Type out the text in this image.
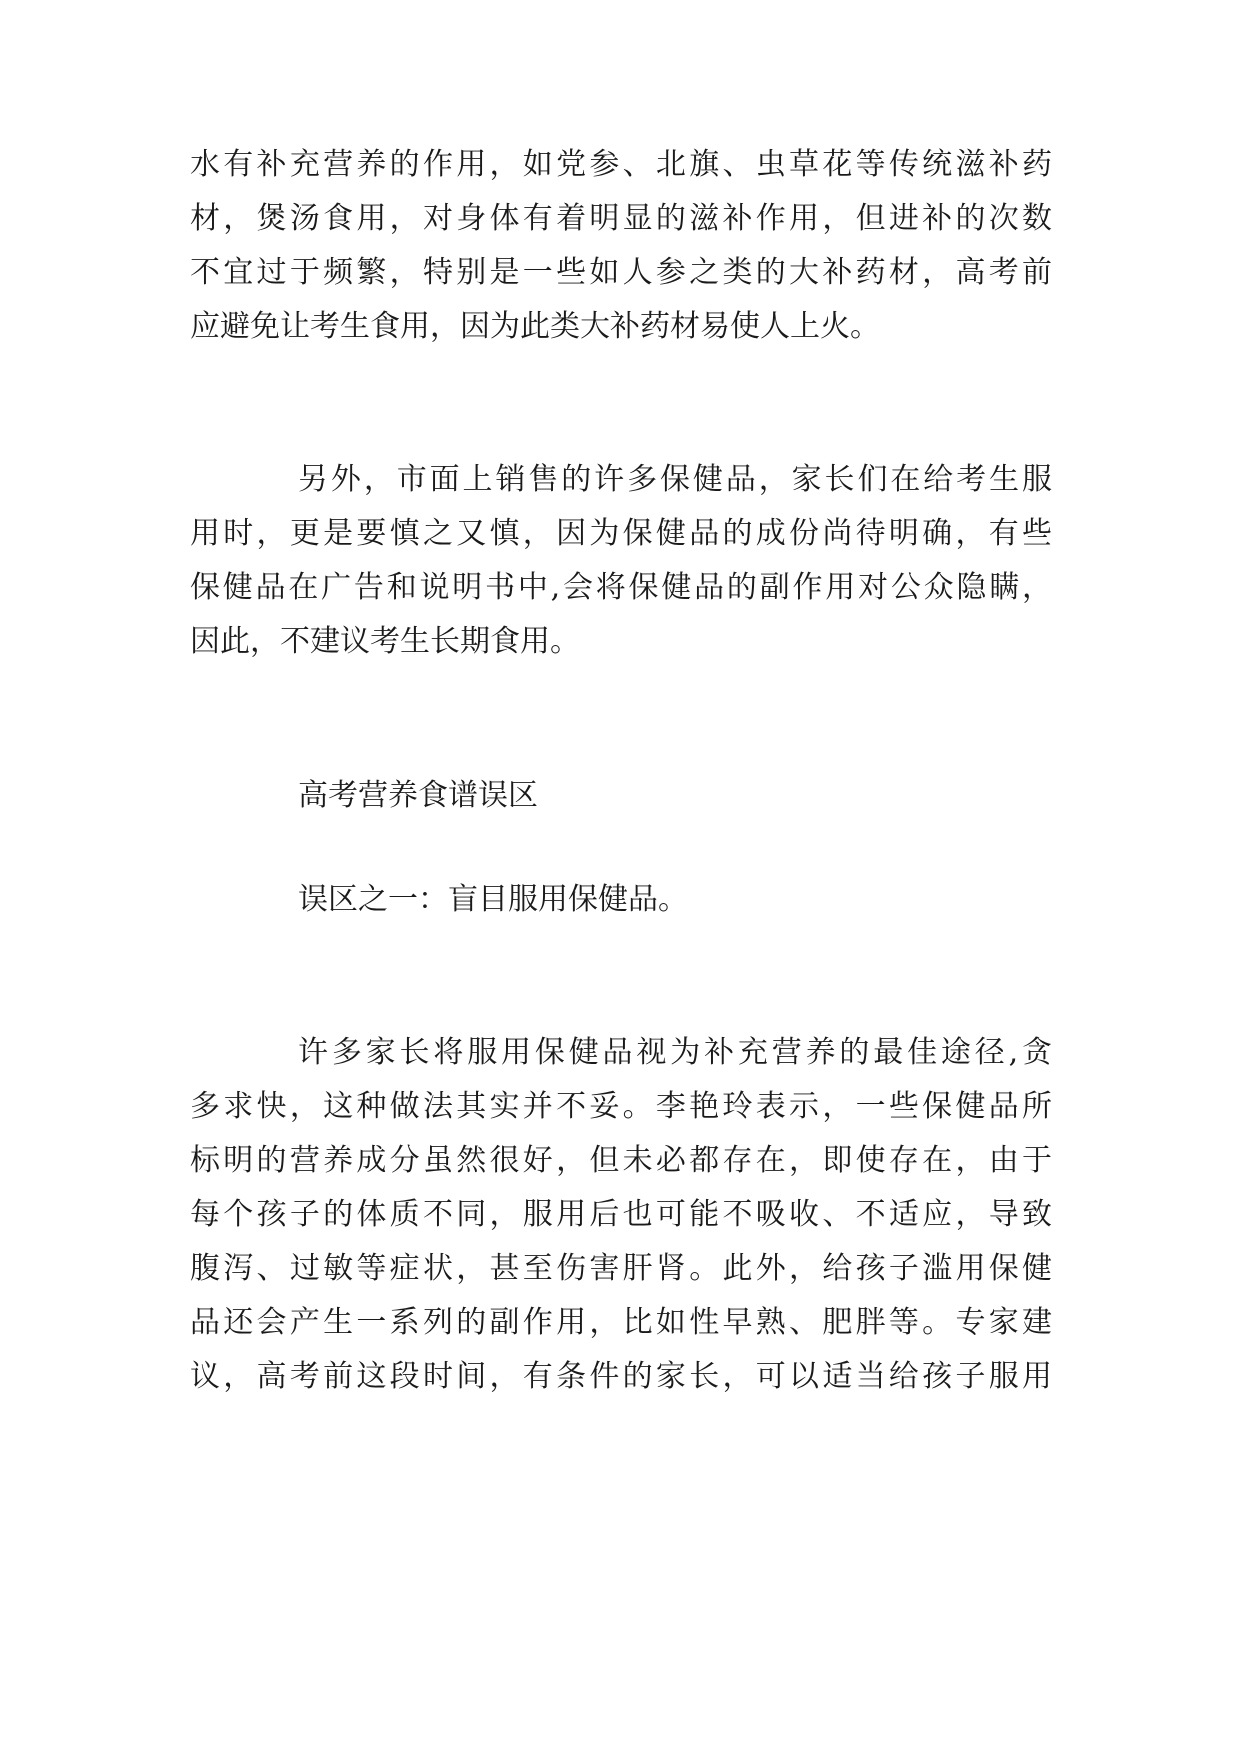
水有补充营养的作用，如党参、北旗、虫草花等传统滋补药
材，煲汤食用，对身体有着明显的滋补作用，但进补的次数
不宜过于频繁，特别是一些如人参之类的大补药材，高考前
应避免让考生食用，因为此类大补药材易使人上火。
另外，市面上销售的许多保健品，家长们在给考生服
用时，更是要慎之又慎，因为保健品的成份尚待明确，有些
保健品在广告和说明书中,会将保健品的副作用对公众隐瞒，
因此，不建议考生长期食用。
高考营养食谱误区
误区之一：盲目服用保健品。
许多家长将服用保健品视为补充营养的最佳途径,贪
多求快，这种做法其实并不妥。李艳玲表示，一些保健品所
标明的营养成分虽然很好，但未必都存在，即使存在，由于
每个孩子的体质不同，服用后也可能不吸收、不适应，导致
腹泻、过敏等症状，甚至伤害肝肾。此外，给孩子滥用保健
品还会产生一系列的副作用，比如性早熟、肥胖等。专家建
议，高考前这段时间，有条件的家长，可以适当给孩子服用
